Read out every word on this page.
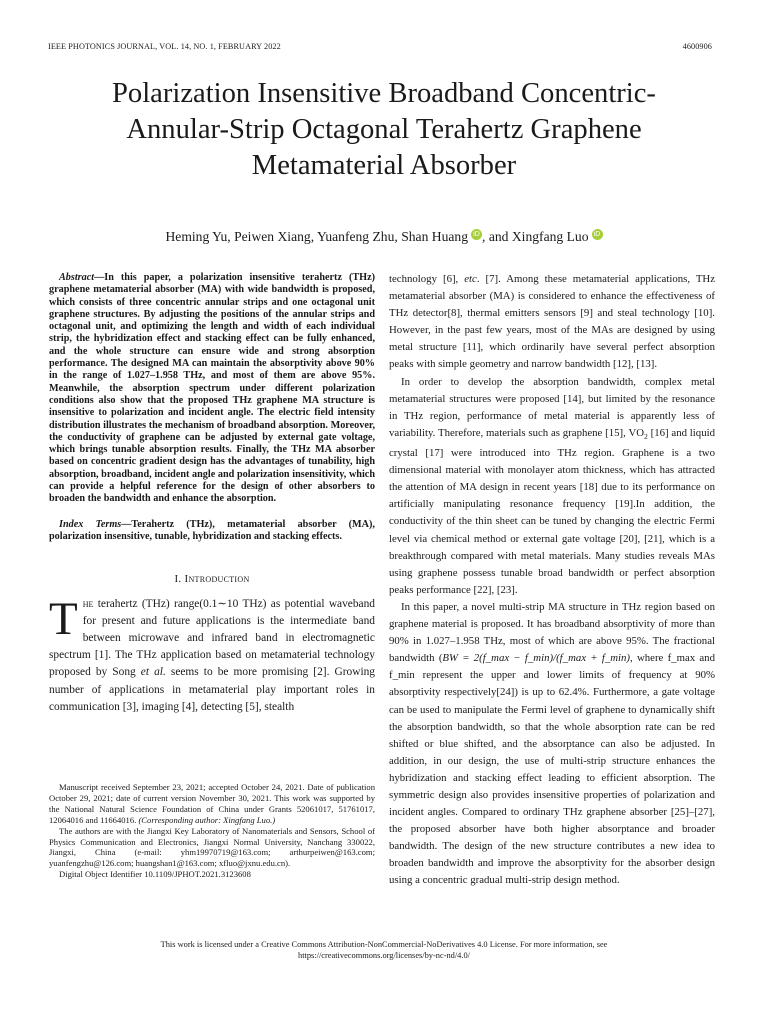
IEEE PHOTONICS JOURNAL, VOL. 14, NO. 1, FEBRUARY 2022	4600906
Polarization Insensitive Broadband Concentric- Annular-Strip Octagonal Terahertz Graphene Metamaterial Absorber
Heming Yu, Peiwen Xiang, Yuanfeng Zhu, Shan Huang iD , and Xingfang Luo iD

Abstract—In this paper, a polarization insensitive terahertz (THz) graphene metamaterial absorber (MA) with wide bandwidth is proposed, which consists of three concentric annular strips and one octagonal unit graphene structures. By adjusting the positions of the annular strips and octagonal unit, and optimizing the length and width of each individual strip, the hybridization effect and stacking effect can be fully enhanced, and the whole structure can ensure wide and strong absorption performance. The designed MA can maintain the absorptivity above 90% in the range of 1.027–1.958 THz, and most of them are above 95%. Meanwhile, the absorption spectrum under different polarization conditions also show that the proposed THz graphene MA structure is insensitive to polarization and incident angle. The electric field intensity distribution illustrates the mechanism of broadband absorption. Moreover, the conductivity of graphene can be adjusted by external gate voltage, which brings tunable absorption results. Finally, the THz MA absorber based on concentric gradient design has the advantages of tunability, high absorption, broadband, incident angle and polarization insensitivity, which can provide a helpful reference for the design of other absorbers to broaden the bandwidth and enhance the absorption.

Index Terms—Terahertz (THz), metamaterial absorber (MA), polarization insensitive, tunable, hybridization and stacking effects.

I. Introduction

The terahertz (THz) range(0.1∼10 THz) as potential waveband for present and future applications is the intermediate band between microwave and infrared band in electromagnetic spectrum [1]. The THz application based on metamaterial technology proposed by Song et al. seems to be more promising [2]. Growing number of applications in metamaterial play important roles in communication [3], imaging [4], detecting [5], stealth

Manuscript received September 23, 2021; accepted October 24, 2021. Date of publication October 29, 2021; date of current version November 30, 2021. This work was supported by the National Natural Science Foundation of China under Grants 52061017, 51761017, 12064016 and 11664016. (Corresponding author: Xingfang Luo.)

The authors are with the Jiangxi Key Laboratory of Nanomaterials and Sensors, School of Physics Communication and Electronics, Jiangxi Normal University, Nanchang 330022, Jiangxi, China (e-mail: yhm19970719@163.com; arthurpeiwen@163.com; yuanfengzhu@126.com; huangshan1@163.com; xfluo@jxnu.edu.cn).

Digital Object Identifier 10.1109/JPHOT.2021.3123608

technology [6], etc. [7]. Among these metamaterial applications, THz metamaterial absorber (MA) is considered to enhance the effectiveness of THz detector[8], thermal emitters sensors [9] and steal technology [10]. However, in the past few years, most of the MAs are designed by using metal structure [11], which ordinarily have several perfect absorption peaks with simple geometry and narrow bandwidth [12], [13].

In order to develop the absorption bandwidth, complex metal metamaterial structures were proposed [14], but limited by the resonance in THz region, performance of metal material is apparently less of variability. Therefore, materials such as graphene [15], $VO_2$ [16] and liquid crystal [17] were introduced into THz region. Graphene is a two dimensional material with monolayer atom thickness, which has attracted the attention of MA design in recent years [18] due to its performance on artificially manipulating resonance frequency [19].In addition, the conductivity of the thin sheet can be tuned by changing the electric Fermi level via chemical method or external gate voltage [20], [21], which is a breakthrough compared with metal materials. Many studies reveals MAs using graphene possess tunable broad bandwidth or perfect absorption peaks performance [22], [23].

In this paper, a novel multi-strip MA structure in THz region based on graphene material is proposed. It has broadband absorptivity of more than 90% in 1.027–1.958 THz, most of which are above 95%. The fractional bandwidth (BW = 2(f_max − f_min)/(f_max + f_min), where f_max and f_min represent the upper and lower limits of frequency at 90% absorptivity respectively[24]) is up to 62.4%. Furthermore, a gate voltage can be used to manipulate the Fermi level of graphene to dynamically shift the absorption bandwidth, so that the whole absorption rate can be red shifted or blue shifted, and the absorptance can also be adjusted. In addition, in our design, the use of multi-strip structure enhances the hybridization and stacking effect leading to efficient absorption. The symmetric design also provides insensitive properties of polarization and incident angles. Compared to ordinary THz graphene absorber [25]–[27], the proposed absorber have both higher absorptance and broader bandwidth. The design of the new structure contributes a new idea to broaden bandwidth and improve the absorptivity for the absorber design using a concentric gradual multi-strip design method.

This work is licensed under a Creative Commons Attribution-NonCommercial-NoDerivatives 4.0 License. For more information, see
https://creativecommons.org/licenses/by-nc-nd/4.0/
